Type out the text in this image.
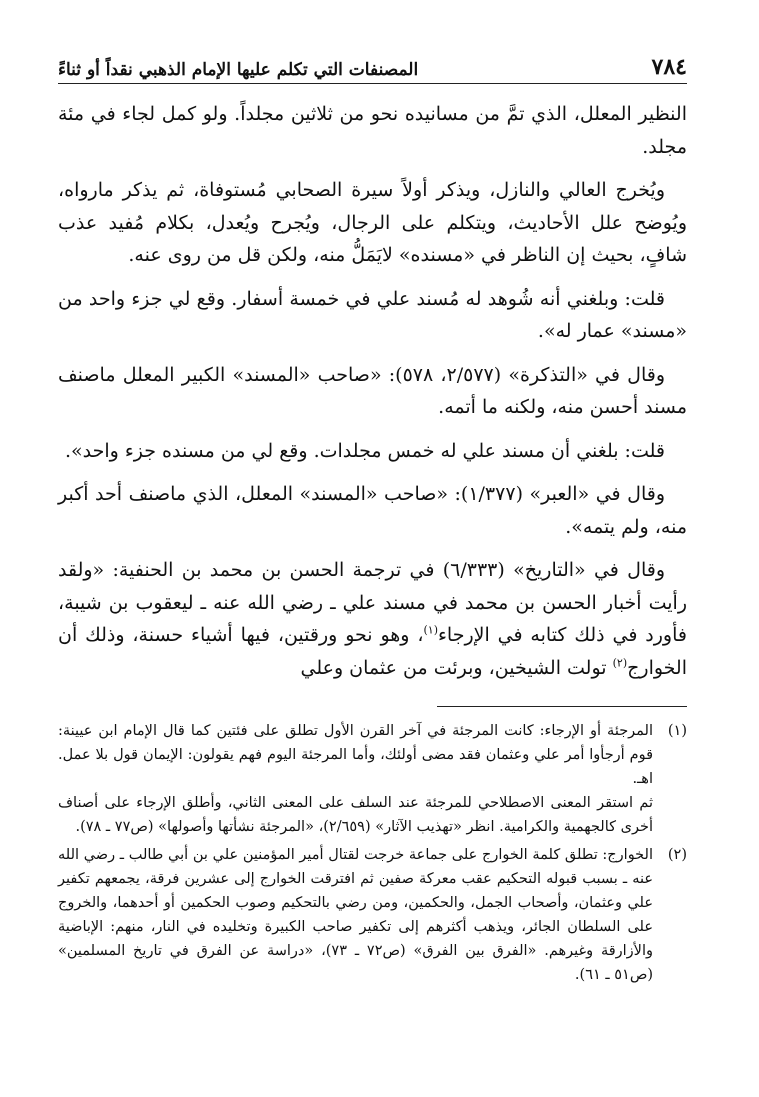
٧٨٤
المصنفات التي تكلم عليها الإمام الذهبي نقداً أو ثناءً

النظير المعلل، الذي تمَّ من مسانيده نحو من ثلاثين مجلداً. ولو كمل لجاء في مئة مجلد.

ويُخرج العالي والنازل، ويذكر أولاً سيرة الصحابي مُستوفاة، ثم يذكر مارواه، ويُوضح علل الأحاديث، ويتكلم على الرجال، ويُجرح ويُعدل، بكلام مُفيد عذب شافٍ، بحيث إن الناظر في «مسنده» لايَمَلُّ منه، ولكن قل من روى عنه.

قلت: وبلغني أنه شُوهد له مُسند علي في خمسة أسفار. وقع لي جزء واحد من «مسند» عمار له».

وقال في «التذكرة» (٢/٥٧٧، ٥٧٨): «صاحب «المسند» الكبير المعلل ماصنف مسند أحسن منه، ولكنه ما أتمه.

قلت: بلغني أن مسند علي له خمس مجلدات. وقع لي من مسنده جزء واحد».

وقال في «العبر» (١/٣٧٧): «صاحب «المسند» المعلل، الذي ماصنف أحد أكبر منه، ولم يتمه».

وقال في «التاريخ» (٦/٣٣٣) في ترجمة الحسن بن محمد بن الحنفية: «ولقد رأيت أخبار الحسن بن محمد في مسند علي ـ رضي الله عنه ـ ليعقوب بن شيبة، فأورد في ذلك كتابه في الإرجاء$^{(١)}$، وهو نحو ورقتين، فيها أشياء حسنة، وذلك أن الخوارج$^{(٢)}$ تولت الشيخين، وبرئت من عثمان وعلي

(١)

المرجئة أو الإرجاء: كانت المرجئة في آخر القرن الأول تطلق على فئتين كما قال الإمام ابن عيينة: قوم أرجأوا أمر علي وعثمان فقد مضى أولئك، وأما المرجئة اليوم فهم يقولون: الإيمان قول بلا عمل. اهـ.

ثم استقر المعنى الاصطلاحي للمرجئة عند السلف على المعنى الثاني، وأطلق الإرجاء على أصناف أخرى كالجهمية والكرامية. انظر «تهذيب الآثار» (٢/٦٥٩)، «المرجئة نشأتها وأصولها» (ص٧٧ ـ ٧٨).

(٢)

الخوارج: تطلق كلمة الخوارج على جماعة خرجت لقتال أمير المؤمنين علي بن أبي طالب ـ رضي الله عنه ـ بسبب قبوله التحكيم عقب معركة صفين ثم افترقت الخوارج إلى عشرين فرقة، يجمعهم تكفير علي وعثمان، وأصحاب الجمل، والحكمين، ومن رضي بالتحكيم وصوب الحكمين أو أحدهما، والخروج على السلطان الجائر، ويذهب أكثرهم إلى تكفير صاحب الكبيرة وتخليده في النار، منهم: الإباضية والأزارقة وغيرهم. «الفرق بين الفرق» (ص٧٢ ـ ٧٣)، «دراسة عن الفرق في تاريخ المسلمين» (ص٥١ ـ ٦١).
